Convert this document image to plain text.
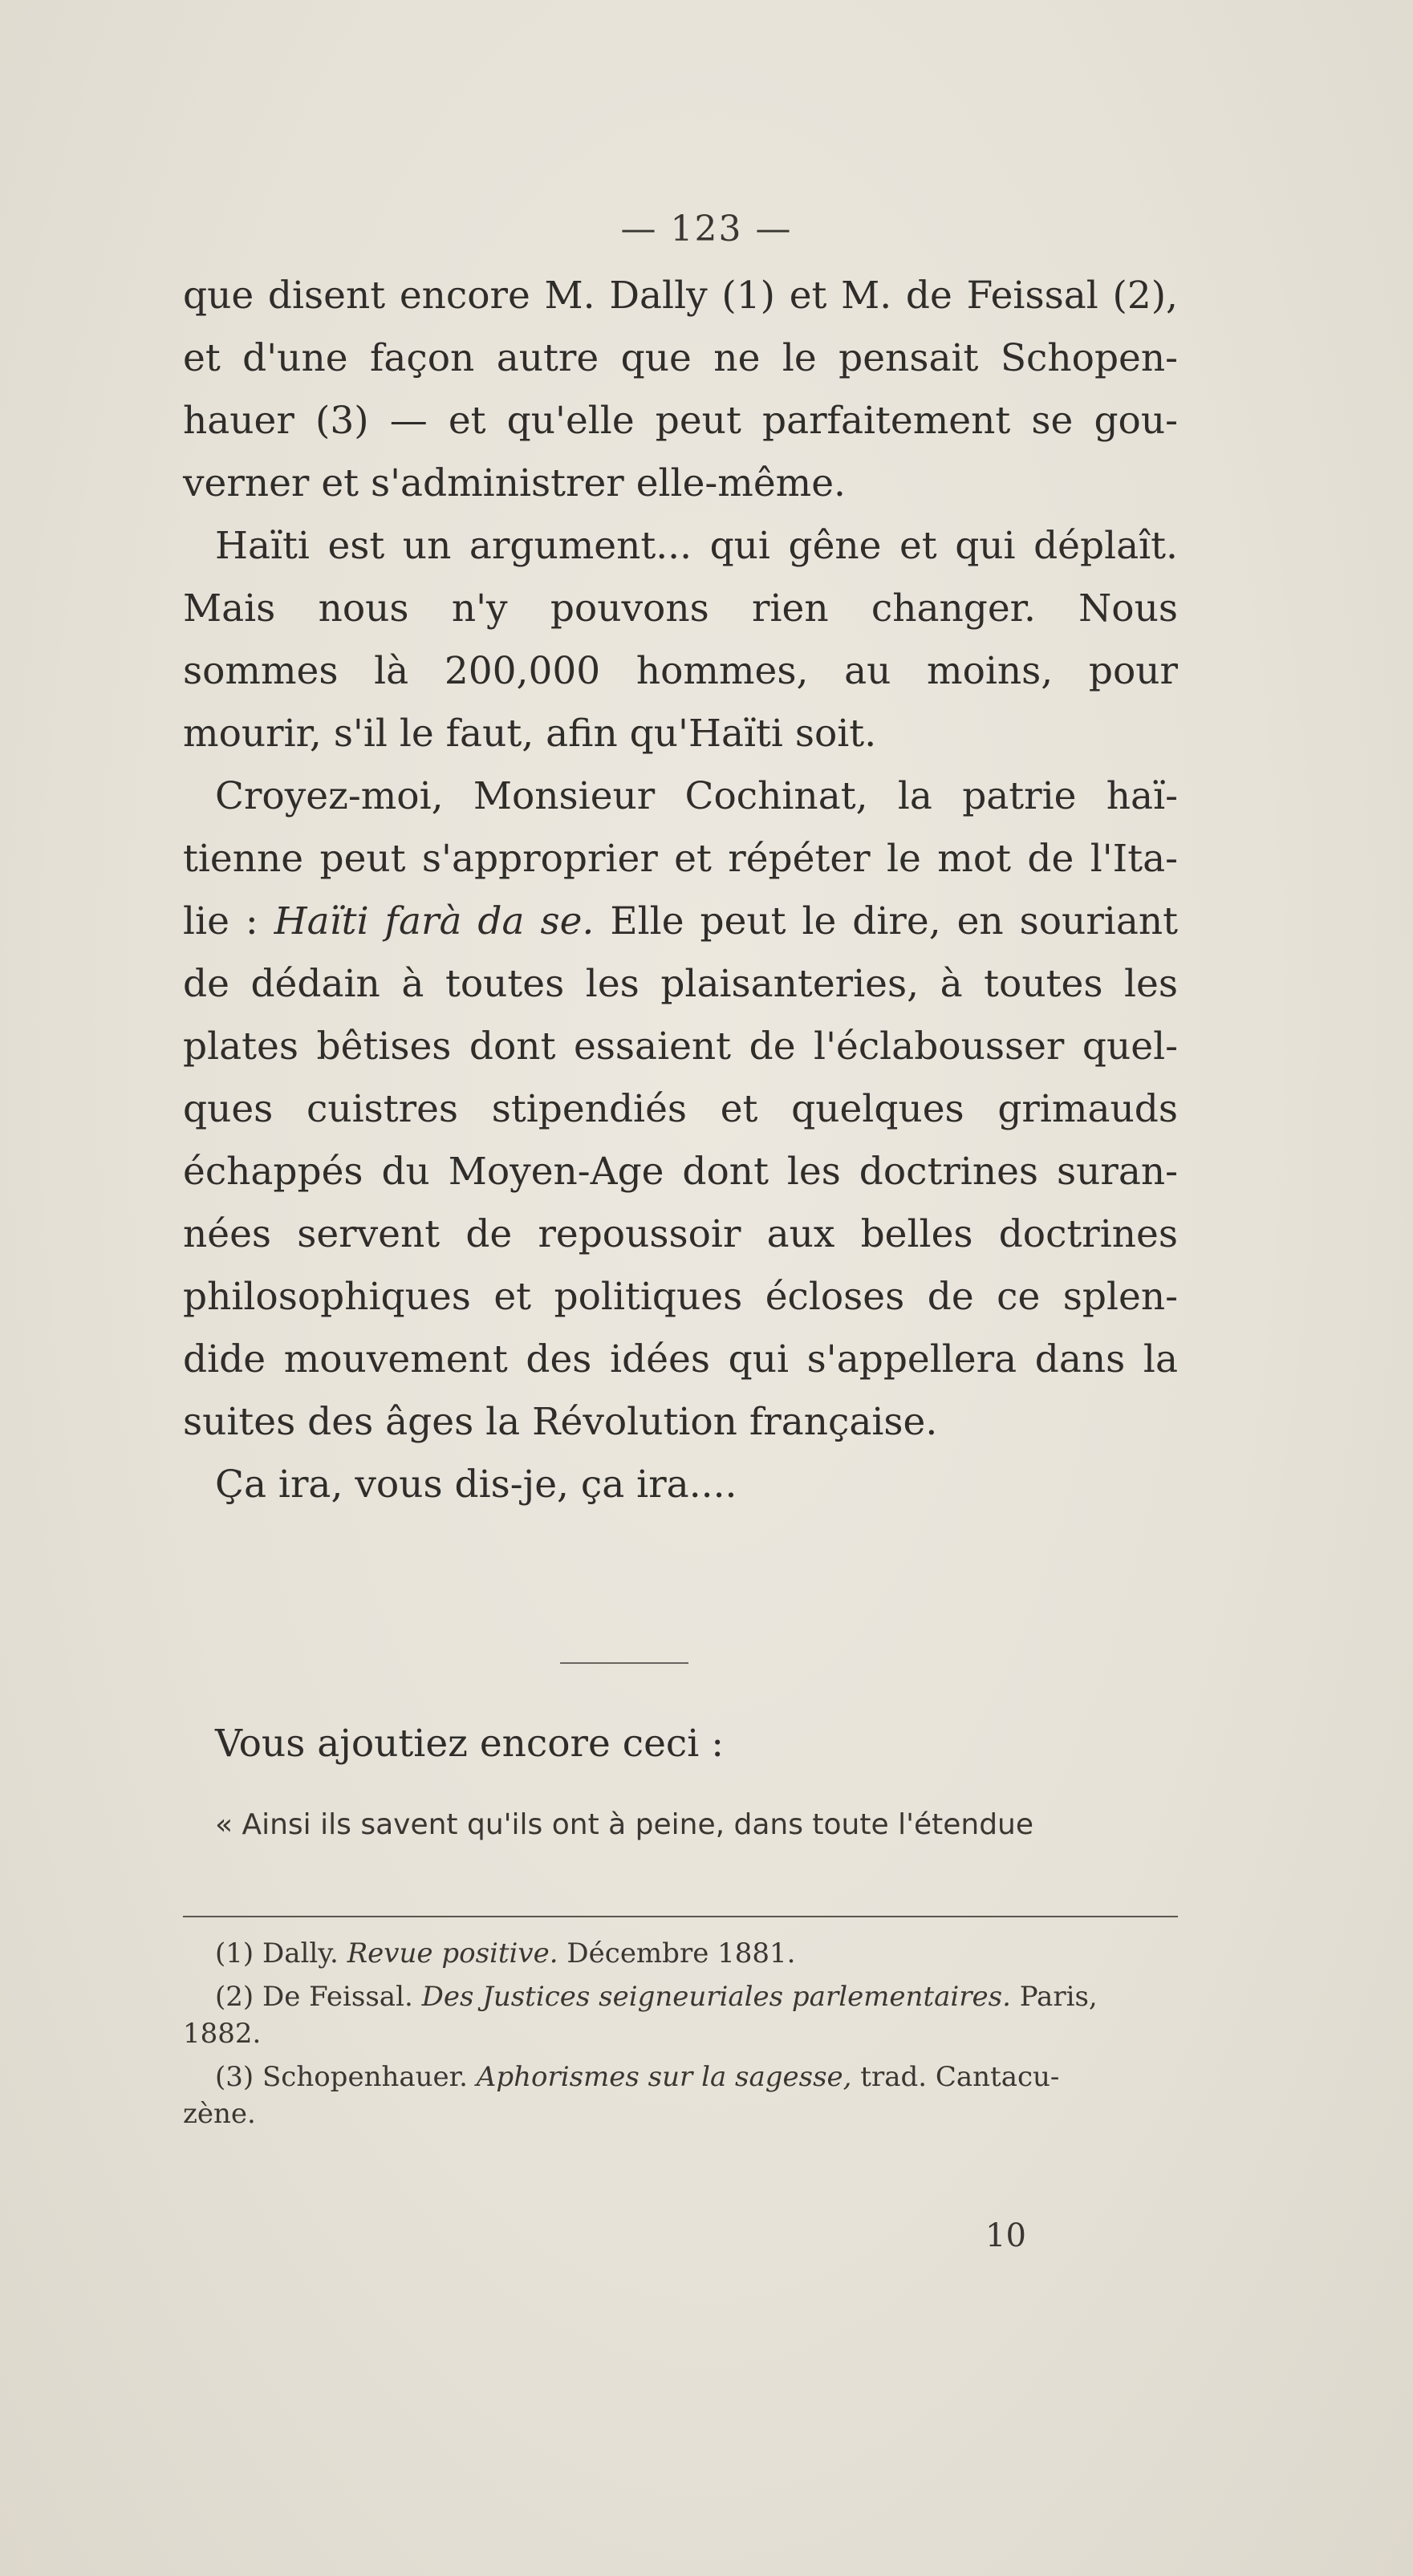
— 123 —
que disent encore M. Dally (1) et M. de Feissal (2),
et d'une façon autre que ne le pensait Schopen-
hauer (3) — et qu'elle peut parfaitement se gou-
verner et s'administrer elle-même.
Haïti est un argument... qui gêne et qui déplaît.
Mais nous n'y pouvons rien changer. Nous
sommes là 200,000 hommes, au moins, pour
mourir, s'il le faut, afin qu'Haïti soit.
Croyez-moi, Monsieur Cochinat, la patrie haï-
tienne peut s'approprier et répéter le mot de l'Ita-
lie : Haïti farà da se. Elle peut le dire, en souriant
de dédain à toutes les plaisanteries, à toutes les
plates bêtises dont essaient de l'éclabousser quel-
ques cuistres stipendiés et quelques grimauds
échappés du Moyen-Age dont les doctrines suran-
nées servent de repoussoir aux belles doctrines
philosophiques et politiques écloses de ce splen-
dide mouvement des idées qui s'appellera dans la
suites des âges la Révolution française.
Ça ira, vous dis-je, ça ira....
Vous ajoutiez encore ceci :
« Ainsi ils savent qu'ils ont à peine, dans toute l'étendue
(1) Dally. Revue positive. Décembre 1881.
(2) De Feissal. Des Justices seigneuriales parlementaires. Paris,
1882.
(3) Schopenhauer. Aphorismes sur la sagesse, trad. Cantacu-
zène.
10
